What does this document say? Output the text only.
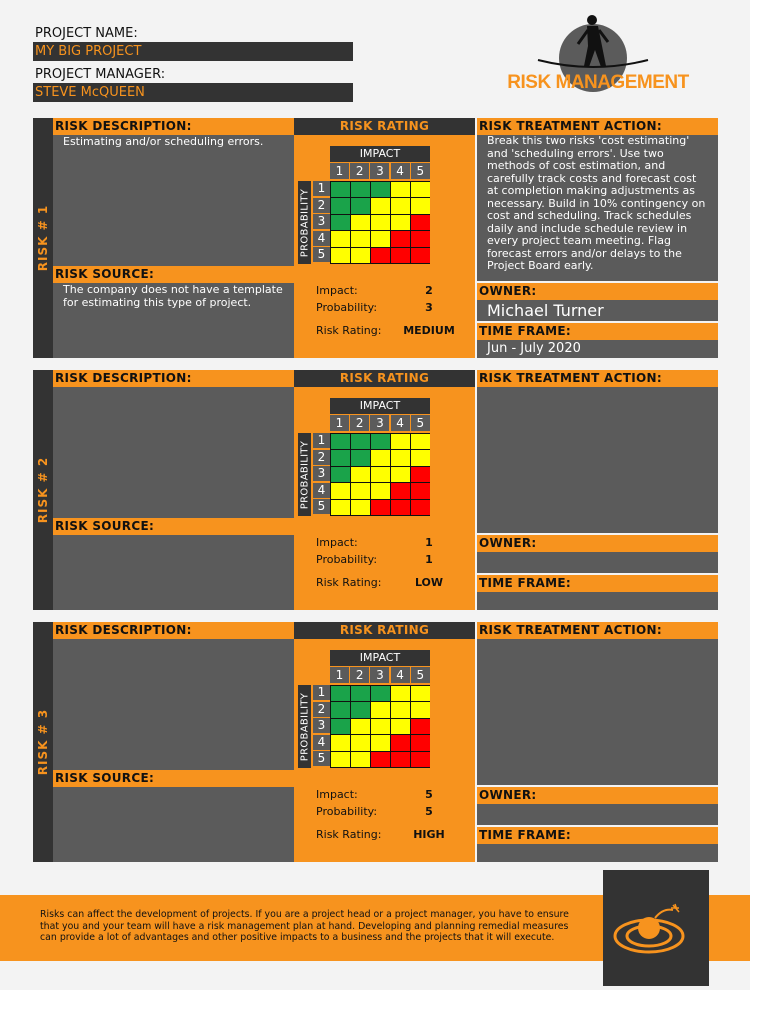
PROJECT NAME:
MY BIG PROJECT
PROJECT MANAGER:
STEVE McQUEEN	RISK MANAGEMENT
RISK # 1
RISK DESCRIPTION:
Estimating and/or scheduling errors.
RISK SOURCE:
The company does not have a template for estimating this type of project.
RISK RATING
IMPACT
1	2	3	4	5
PROBABILITY
1
2
3
4
5
Impact:	2
Probability:	3
Risk Rating:	MEDIUM
RISK TREATMENT ACTION:
Break this two risks 'cost estimating' and 'scheduling errors'. Use two methods of cost estimation, and carefully track costs and forecast cost at completion making adjustments as necessary. Build in 10% contingency on cost and scheduling. Track schedules daily and include schedule review in every project team meeting. Flag forecast errors and/or delays to the Project Board early.
OWNER:
Michael Turner
TIME FRAME:
Jun - July 2020
RISK # 2
RISK DESCRIPTION:
RISK SOURCE:
RISK RATING
IMPACT
1	2	3	4	5
PROBABILITY
1
2
3
4
5
Impact:	1
Probability:	1
Risk Rating:	LOW
RISK TREATMENT ACTION:
OWNER:
TIME FRAME:
RISK # 3
RISK DESCRIPTION:
RISK SOURCE:
RISK RATING
IMPACT
1	2	3	4	5
PROBABILITY
1
2
3
4
5
Impact:	5
Probability:	5
Risk Rating:	HIGH
RISK TREATMENT ACTION:
OWNER:
TIME FRAME:
Risks can affect the development of projects. If you are a project head or a project manager, you have to ensure that you and your team will have a risk management plan at hand. Developing and planning remedial measures can provide a lot of advantages and other positive impacts to a business and the projects that it will execute.
